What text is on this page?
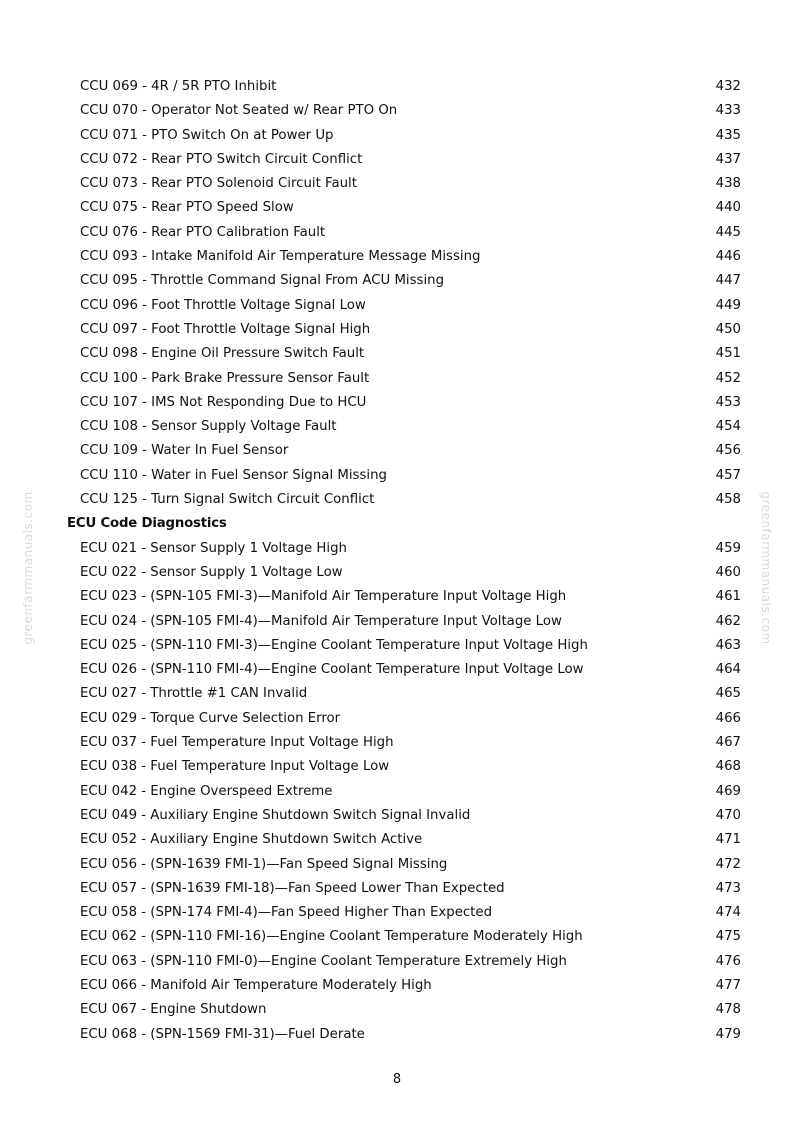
CCU 069 - 4R / 5R PTO Inhibit	432
CCU 070 - Operator Not Seated w/ Rear PTO On	433
CCU 071 - PTO Switch On at Power Up	435
CCU 072 - Rear PTO Switch Circuit Conflict	437
CCU 073 - Rear PTO Solenoid Circuit Fault	438
CCU 075 - Rear PTO Speed Slow	440
CCU 076 - Rear PTO Calibration Fault	445
CCU 093 - Intake Manifold Air Temperature Message Missing	446
CCU 095 - Throttle Command Signal From ACU Missing	447
CCU 096 - Foot Throttle Voltage Signal Low	449
CCU 097 - Foot Throttle Voltage Signal High	450
CCU 098 - Engine Oil Pressure Switch Fault	451
CCU 100 - Park Brake Pressure Sensor Fault	452
CCU 107 - IMS Not Responding Due to HCU	453
CCU 108 - Sensor Supply Voltage Fault	454
CCU 109 - Water In Fuel Sensor	456
CCU 110 - Water in Fuel Sensor Signal Missing	457
CCU 125 - Turn Signal Switch Circuit Conflict	458
ECU Code Diagnostics
ECU 021 - Sensor Supply 1 Voltage High	459
ECU 022 - Sensor Supply 1 Voltage Low	460
ECU 023 - (SPN-105 FMI-3)—Manifold Air Temperature Input Voltage High	461
ECU 024 - (SPN-105 FMI-4)—Manifold Air Temperature Input Voltage Low	462
ECU 025 - (SPN-110 FMI-3)—Engine Coolant Temperature Input Voltage High	463
ECU 026 - (SPN-110 FMI-4)—Engine Coolant Temperature Input Voltage Low	464
ECU 027 - Throttle #1 CAN Invalid	465
ECU 029 - Torque Curve Selection Error	466
ECU 037 - Fuel Temperature Input Voltage High	467
ECU 038 - Fuel Temperature Input Voltage Low	468
ECU 042 - Engine Overspeed Extreme	469
ECU 049 - Auxiliary Engine Shutdown Switch Signal Invalid	470
ECU 052 - Auxiliary Engine Shutdown Switch Active	471
ECU 056 - (SPN-1639 FMI-1)—Fan Speed Signal Missing	472
ECU 057 - (SPN-1639 FMI-18)—Fan Speed Lower Than Expected	473
ECU 058 - (SPN-174 FMI-4)—Fan Speed Higher Than Expected	474
ECU 062 - (SPN-110 FMI-16)—Engine Coolant Temperature Moderately High	475
ECU 063 - (SPN-110 FMI-0)—Engine Coolant Temperature Extremely High	476
ECU 066 - Manifold Air Temperature Moderately High	477
ECU 067 - Engine Shutdown	478
ECU 068 - (SPN-1569 FMI-31)—Fuel Derate	479
8
greenfarmmanuals.com	greenfarmmanuals.com
